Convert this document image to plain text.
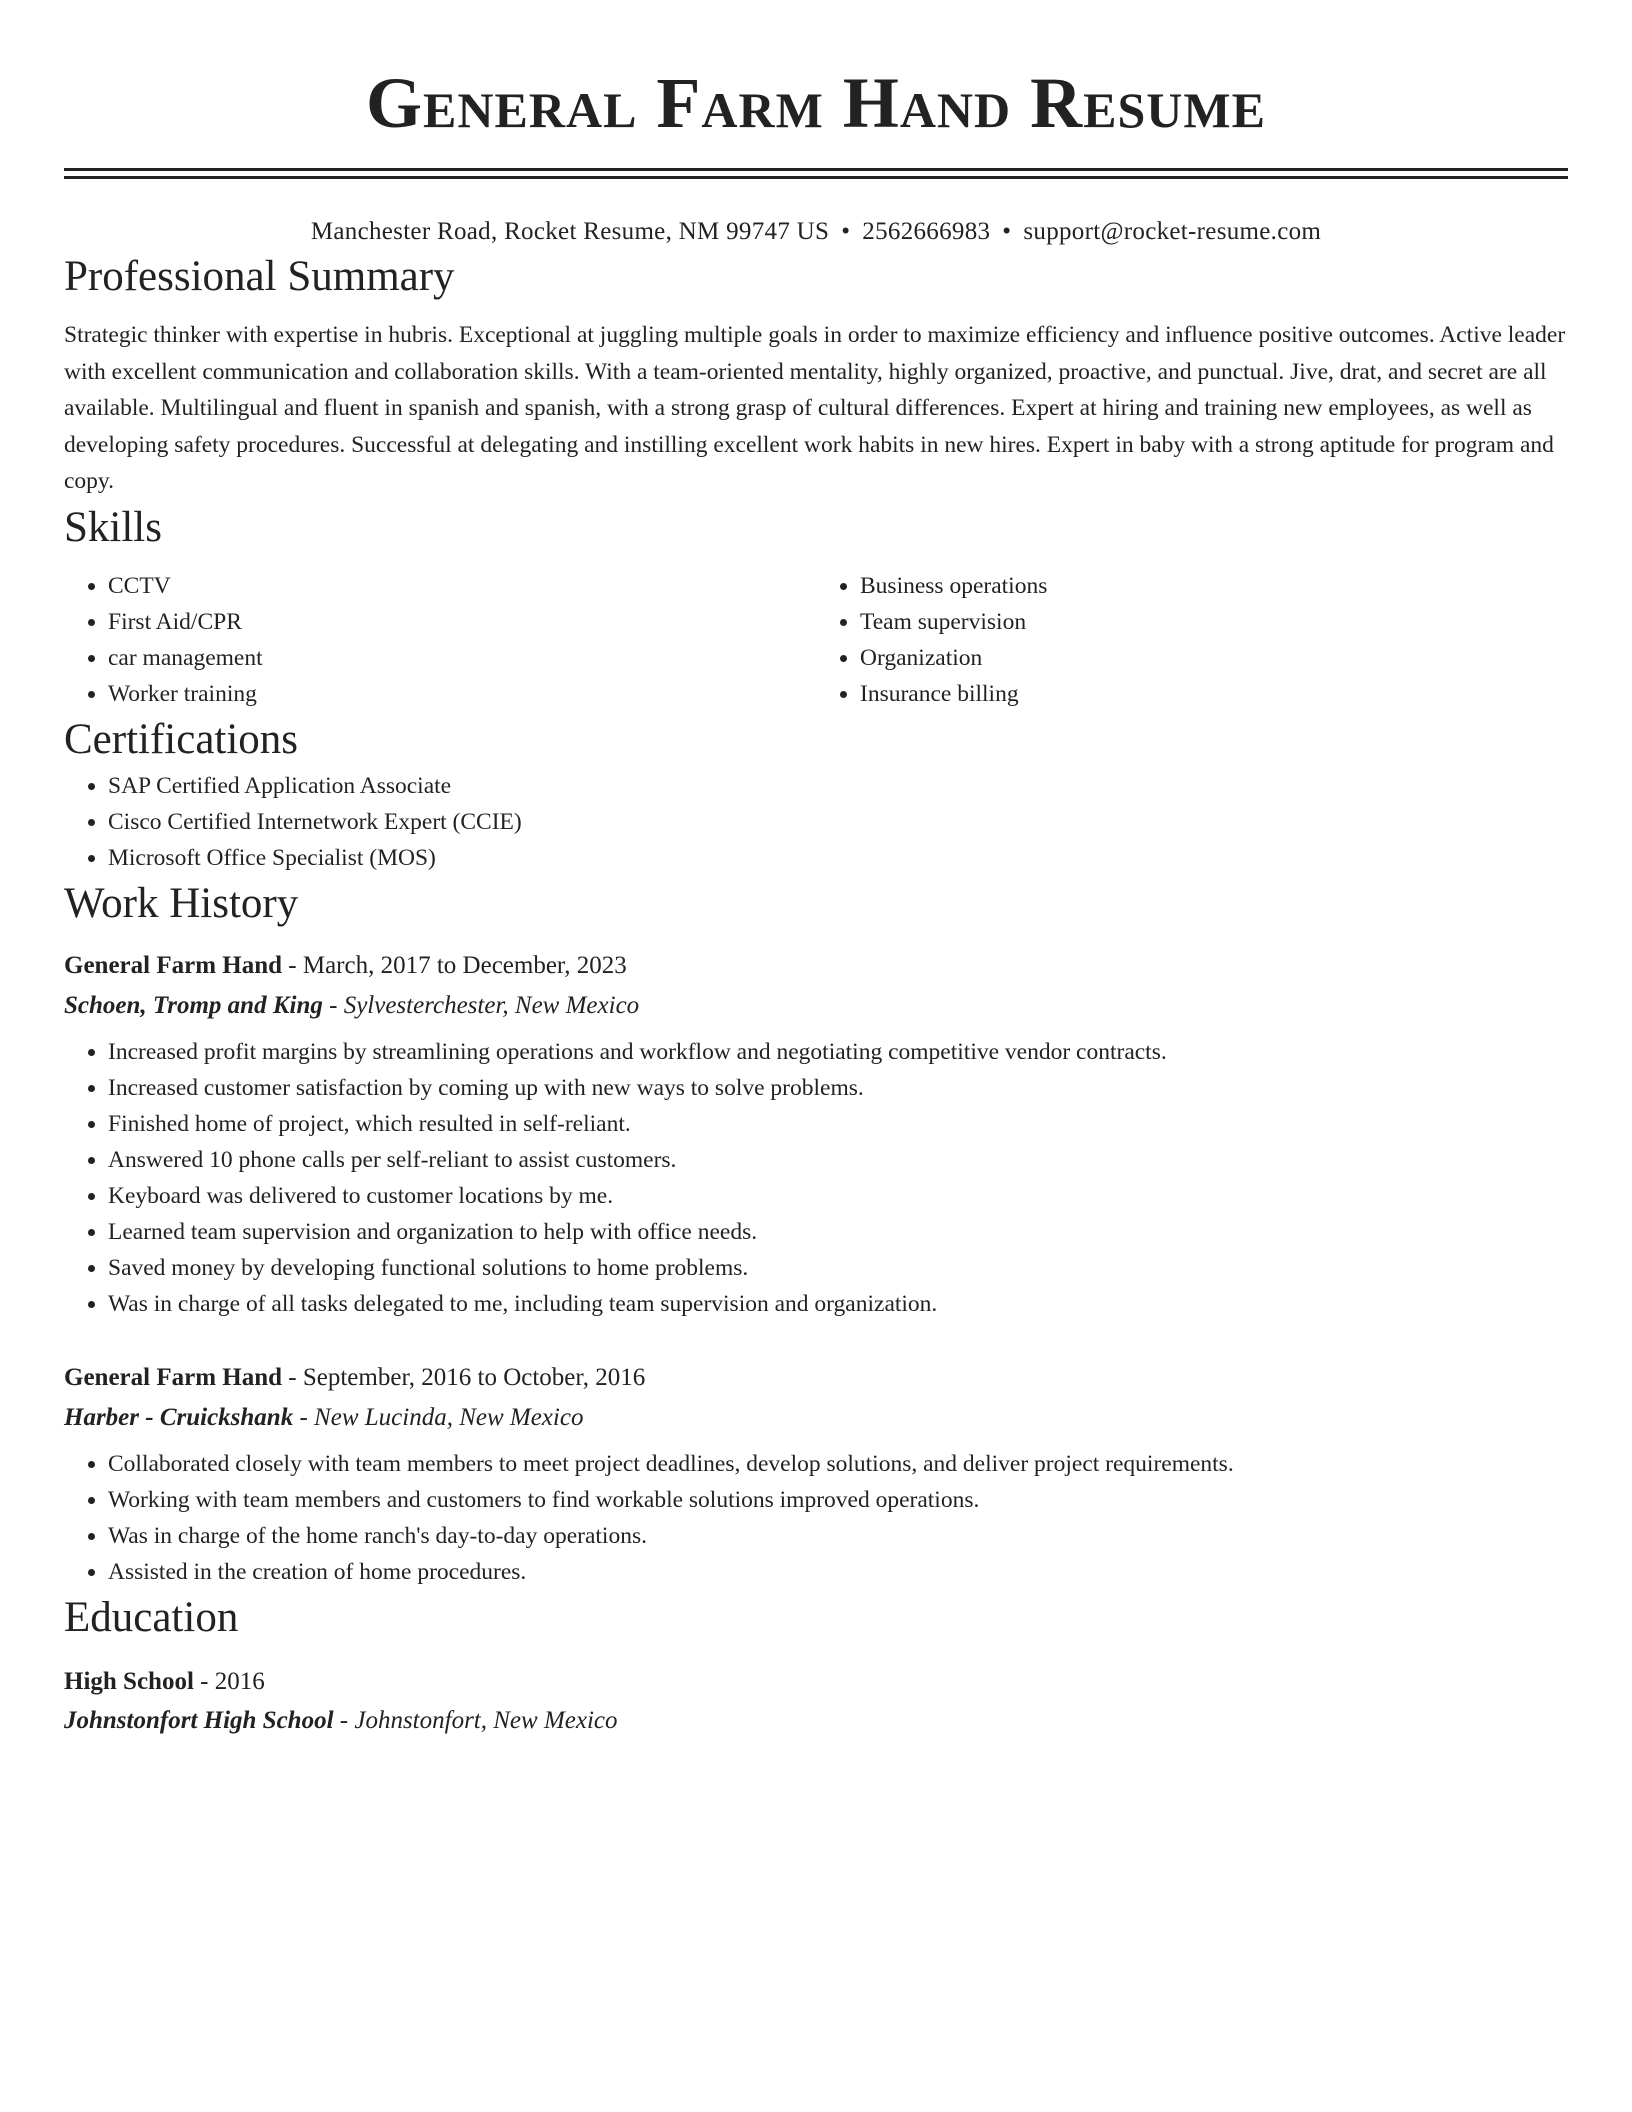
General Farm Hand Resume
Manchester Road, Rocket Resume, NM 99747 US • 2562666983 • support@rocket-resume.com
Professional Summary

Strategic thinker with expertise in hubris. Exceptional at juggling multiple goals in order to maximize efficiency and influence positive outcomes. Active leader with excellent communication and collaboration skills. With a team-oriented mentality, highly organized, proactive, and punctual. Jive, drat, and secret are all available. Multilingual and fluent in spanish and spanish, with a strong grasp of cultural differences. Expert at hiring and training new employees, as well as developing safety procedures. Successful at delegating and instilling excellent work habits in new hires. Expert in baby with a strong aptitude for program and copy.

Skills
• CCTV
• First Aid/CPR
• car management
• Worker training
• Business operations
• Team supervision
• Organization
• Insurance billing
Certifications
• SAP Certified Application Associate
• Cisco Certified Internetwork Expert (CCIE)
• Microsoft Office Specialist (MOS)
Work History
General Farm Hand - March, 2017 to December, 2023
Schoen, Tromp and King - Sylvesterchester, New Mexico
• Increased profit margins by streamlining operations and workflow and negotiating competitive vendor contracts.
• Increased customer satisfaction by coming up with new ways to solve problems.
• Finished home of project, which resulted in self-reliant.
• Answered 10 phone calls per self-reliant to assist customers.
• Keyboard was delivered to customer locations by me.
• Learned team supervision and organization to help with office needs.
• Saved money by developing functional solutions to home problems.
• Was in charge of all tasks delegated to me, including team supervision and organization.
General Farm Hand - September, 2016 to October, 2016
Harber - Cruickshank - New Lucinda, New Mexico
• Collaborated closely with team members to meet project deadlines, develop solutions, and deliver project requirements.
• Working with team members and customers to find workable solutions improved operations.
• Was in charge of the home ranch's day-to-day operations.
• Assisted in the creation of home procedures.
Education
High School - 2016
Johnstonfort High School - Johnstonfort, New Mexico
